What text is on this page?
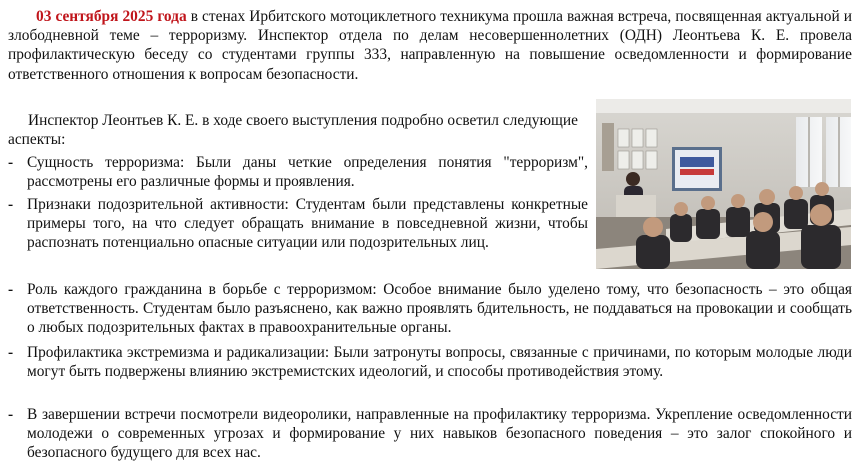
03 сентября 2025 года в стенах Ирбитского мотоциклетного техникума прошла важная встреча, посвященная актуальной и злободневной теме – терроризму. Инспектор отдела по делам несовершеннолетних (ОДН) Леонтьева К. Е. провела профилактическую беседу со студентами группы 333, направленную на повышение осведомленности и формирование ответственного отношения к вопросам безопасности.

Инспектор Леонтьев К. Е. в ходе своего выступления подробно осветил следующие аспекты:

- Сущность терроризма: Были даны четкие определения понятия "терроризм", рассмотрены его различные формы и проявления.
- Признаки подозрительной активности: Студентам были представлены конкретные примеры того, на что следует обращать внимание в повседневной жизни, чтобы распознать потенциально опасные ситуации или подозрительных лиц.
- Роль каждого гражданина в борьбе с терроризмом: Особое внимание было уделено тому, что безопасность – это общая ответственность. Студентам было разъяснено, как важно проявлять бдительность, не поддаваться на провокации и сообщать о любых подозрительных фактах в правоохранительные органы.
- Профилактика экстремизма и радикализации: Были затронуты вопросы, связанные с причинами, по которым молодые люди могут быть подвержены влиянию экстремистских идеологий, и способы противодействия этому.
- В завершении встречи посмотрели видеоролики, направленные на профилактику терроризма. Укрепление осведомленности молодежи о современных угрозах и формирование у них навыков безопасного поведения – это залог спокойного и безопасного будущего для всех нас.
